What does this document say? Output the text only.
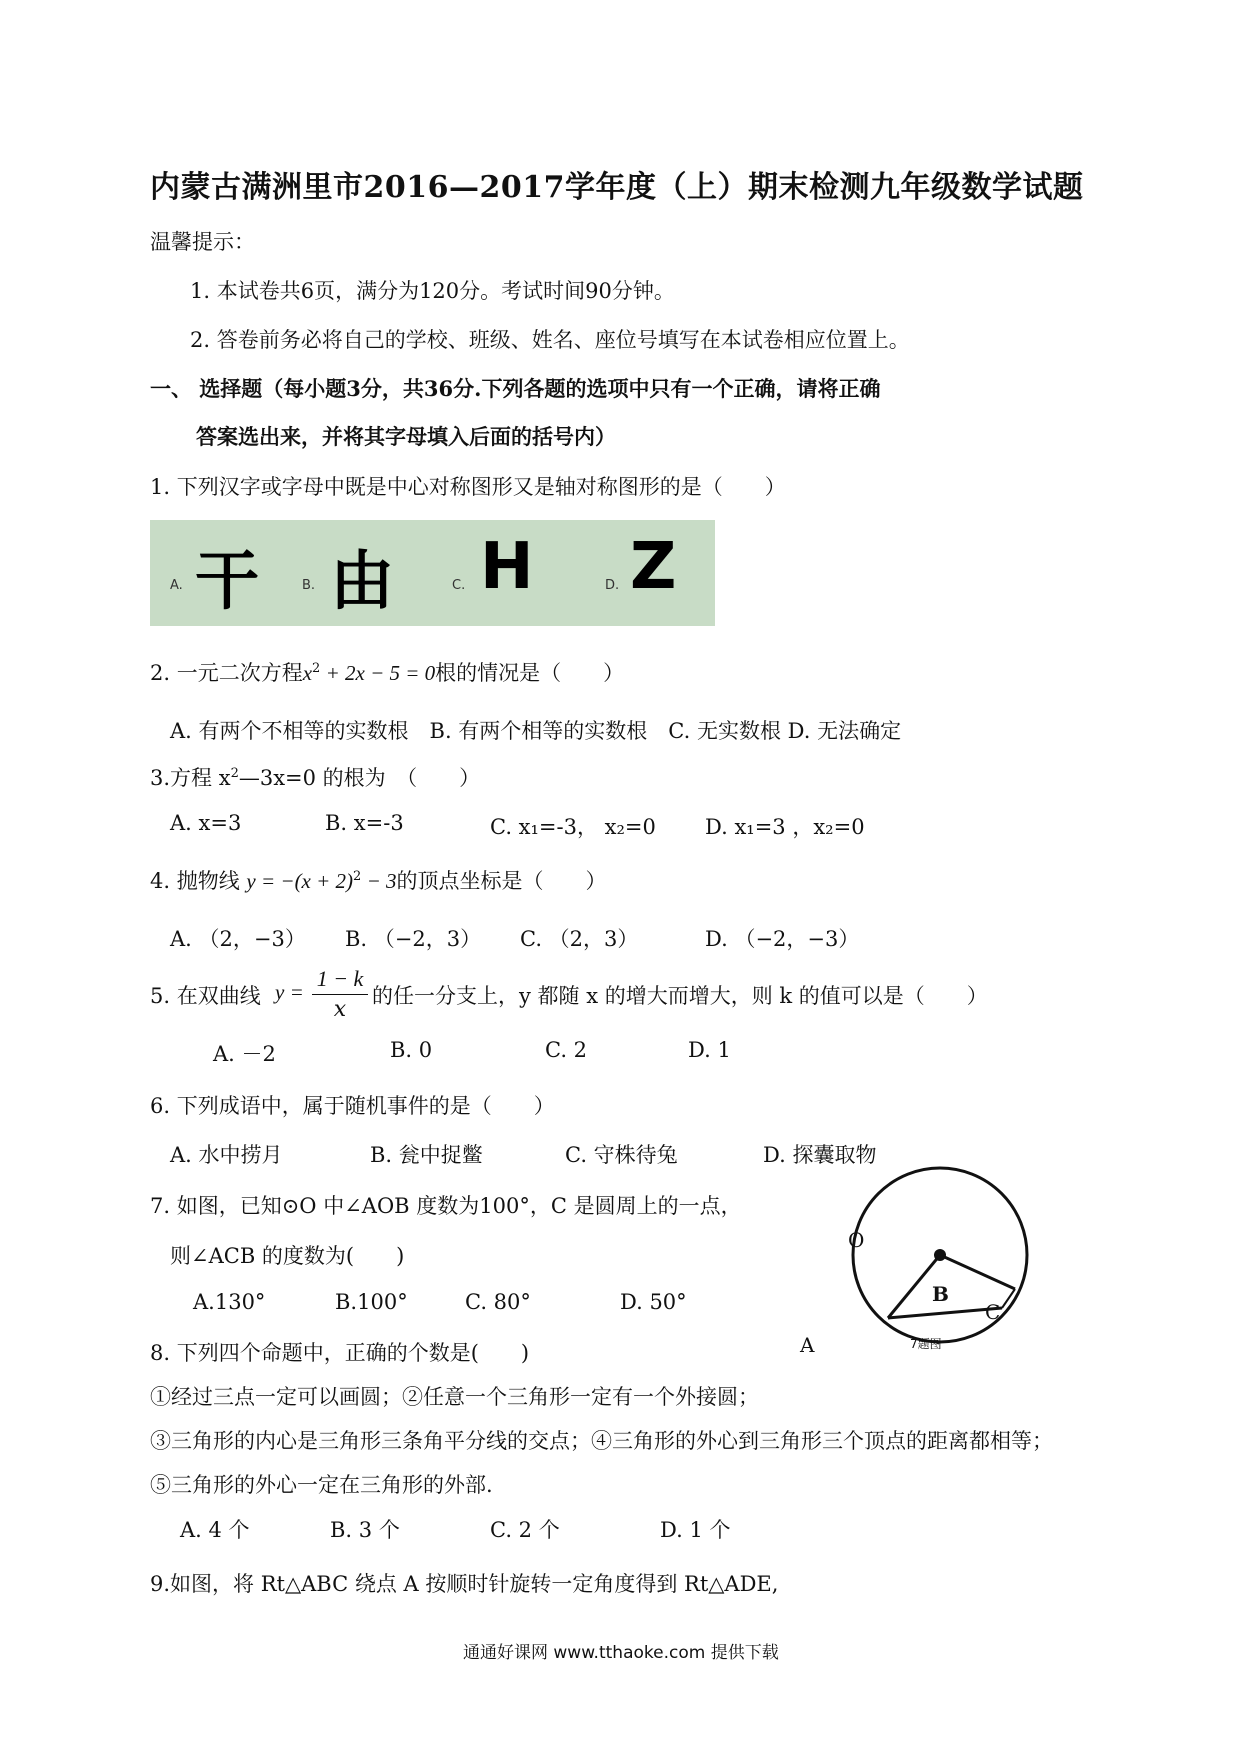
内蒙古满洲里市2016—2017学年度（上）期末检测九年级数学试题
温馨提示：
1. 本试卷共6页，满分为120分。考试时间90分钟。
2. 答卷前务必将自己的学校、班级、姓名、座位号填写在本试卷相应位置上。
一、 选择题（每小题3分，共36分.下列各题的选项中只有一个正确，请将正确
答案选出来，并将其字母填入后面的括号内）
1. 下列汉字或字母中既是中心对称图形又是轴对称图形的是（　　）
A. 干	B. 由	C. H	D. Z
2. 一元二次方程$x^2 + 2x - 5 = 0$根的情况是（　　）
A. 有两个不相等的实数根　B. 有两个相等的实数根　C. 无实数根 D. 无法确定
3.方程 $x^2—3x=0$ 的根为　（　　）
A. x=3	B. x=-3	C. x₁=-3， x₂=0 D. x₁=3 ，x₂=0
4. 抛物线 $y = -(x + 2)^2 - 3$的顶点坐标是（　　）
A. （2，−3） B. （−2，3） C. （2，3）	D. （−2，−3）
5. 在双曲线 y =
1 − k
x
的任一分支上，y 都随 x 的增大而增大，则 k 的值可以是（　　）
A. －2	B. 0	C. 2	D. 1
6. 下列成语中，属于随机事件的是（　　）
A. 水中捞月	B. 瓮中捉鳖	C. 守株待兔	D. 探囊取物
7. 如图，已知⊙O 中∠AOB 度数为100°，C 是圆周上的一点，
则∠ACB 的度数为(　　)
A.130°	B.100°	C. 80°	D. 50°
O
B
C
A	7题图
8. 下列四个命题中，正确的个数是(　　)
①经过三点一定可以画圆；②任意一个三角形一定有一个外接圆；
③三角形的内心是三角形三条角平分线的交点；④三角形的外心到三角形三个顶点的距离都相等；
⑤三角形的外心一定在三角形的外部.
A. 4 个	B. 3 个	C. 2 个	D. 1 个
9.如图，将 Rt△ABC 绕点 A 按顺时针旋转一定角度得到 Rt△ADE,
通通好课网 www.tthaoke.com 提供下载
